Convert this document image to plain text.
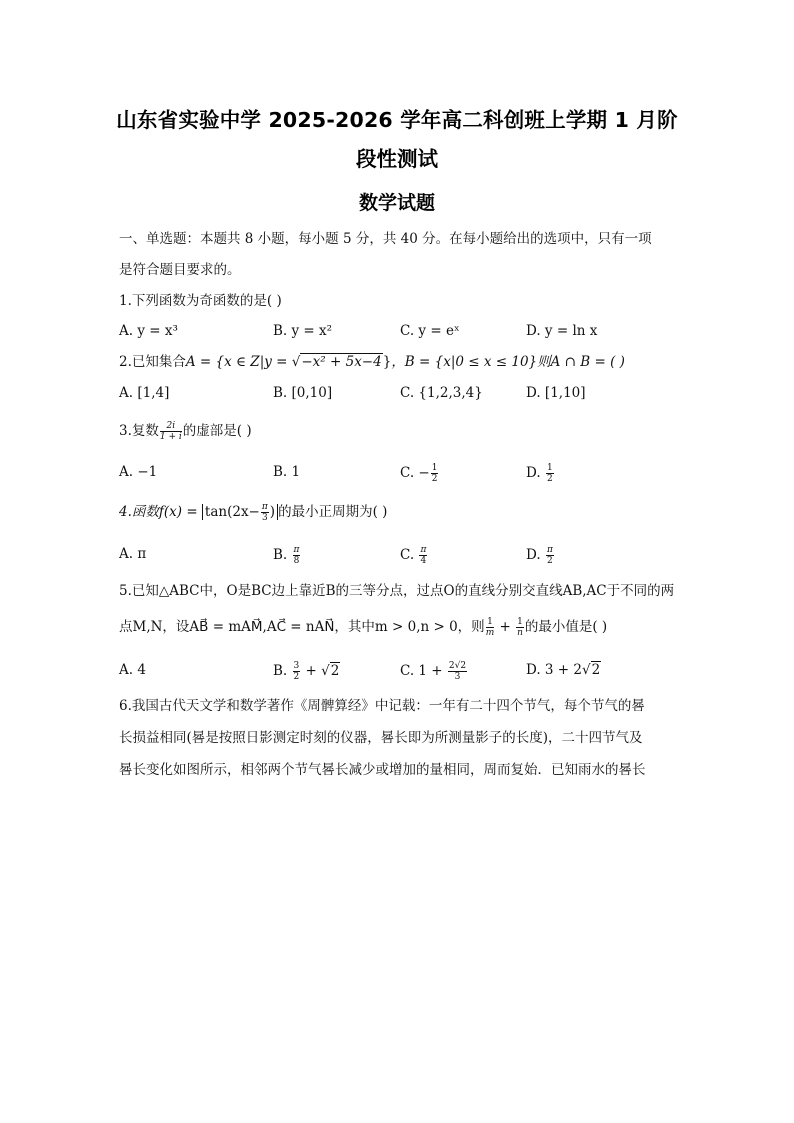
山东省实验中学 2025-2026 学年高二科创班上学期 1 月阶
段性测试
数学试题
一、单选题：本题共 8 小题，每小题 5 分，共 40 分。在每小题给出的选项中，只有一项
是符合题目要求的。
1.下列函数为奇函数的是( )
A. y = x³	B. y = x²	C. y = eˣ	D. y = ln x
2.已知集合A = {x ∈ Z|y = √−x² + 5x−4}，B = {x|0 ≤ x ≤ 10}则A ∩ B = ( )
A. [1,4]	B. [0,10]	C. {1,2,3,4}	D. [1,10]
3.复数 $\frac{2i}{1 + i}$ 的虚部是( )
A. −1	B. 1	C. − $\frac{1}{2}$	D. $\frac{1}{2}$
4.函数$f(x) = \tan(2x- \frac{\pi}{3}$ ) 的最小正周期为( )
A. π	B. $\frac{\pi}{8}$	C. $\frac{\pi}{4}$	D. $\frac{\pi}{2}$
5.已知△ABC中，O是BC边上靠近B的三等分点，过点O的直线分别交直线AB,AC于不同的两
点M,N，设AB⃗ = mAM⃗,AC⃗ = nAN⃗，其中m > 0,n > 0，则 $\frac{1}{m} + \frac{1}{n}$ 的最小值是( )
A. 4	B. $\frac{3}{2} + √2$	C. $1 + \frac{2√2}{3}$	D. 3 + 2√2
6.我国古代天文学和数学著作《周髀算经》中记载：一年有二十四个节气，每个节气的晷
长损益相同(晷是按照日影测定时刻的仪器，晷长即为所测量影子的长度)，二十四节气及
晷长变化如图所示，相邻两个节气晷长减少或增加的量相同，周而复始．已知雨水的晷长
